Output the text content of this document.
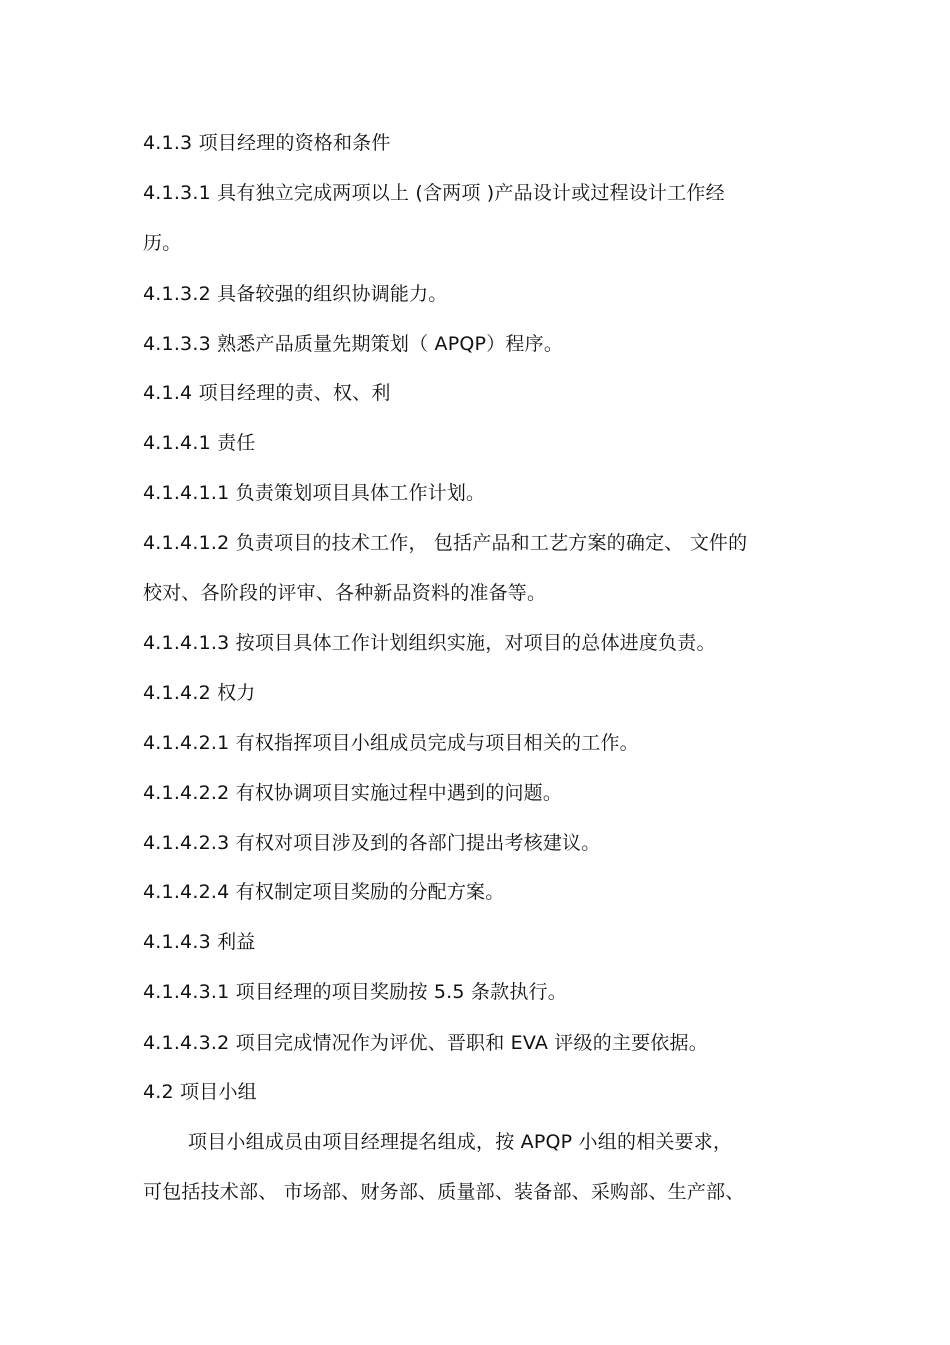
4.1.3 项目经理的资格和条件
4.1.3.1 具有独立完成两项以上 (含两项 )产品设计或过程设计工作经
历。
4.1.3.2 具备较强的组织协调能力。
4.1.3.3 熟悉产品质量先期策划（ APQP）程序。
4.1.4 项目经理的责、权、利
4.1.4.1 责任
4.1.4.1.1 负责策划项目具体工作计划。
4.1.4.1.2 负责项目的技术工作， 包括产品和工艺方案的确定、 文件的
校对、各阶段的评审、各种新品资料的准备等。
4.1.4.1.3 按项目具体工作计划组织实施，对项目的总体进度负责。
4.1.4.2 权力
4.1.4.2.1 有权指挥项目小组成员完成与项目相关的工作。
4.1.4.2.2 有权协调项目实施过程中遇到的问题。
4.1.4.2.3 有权对项目涉及到的各部门提出考核建议。
4.1.4.2.4 有权制定项目奖励的分配方案。
4.1.4.3 利益
4.1.4.3.1 项目经理的项目奖励按 5.5 条款执行。
4.1.4.3.2 项目完成情况作为评优、晋职和 EVA 评级的主要依据。
4.2 项目小组
项目小组成员由项目经理提名组成，按 APQP 小组的相关要求，
可包括技术部、 市场部、财务部、质量部、装备部、采购部、生产部、
